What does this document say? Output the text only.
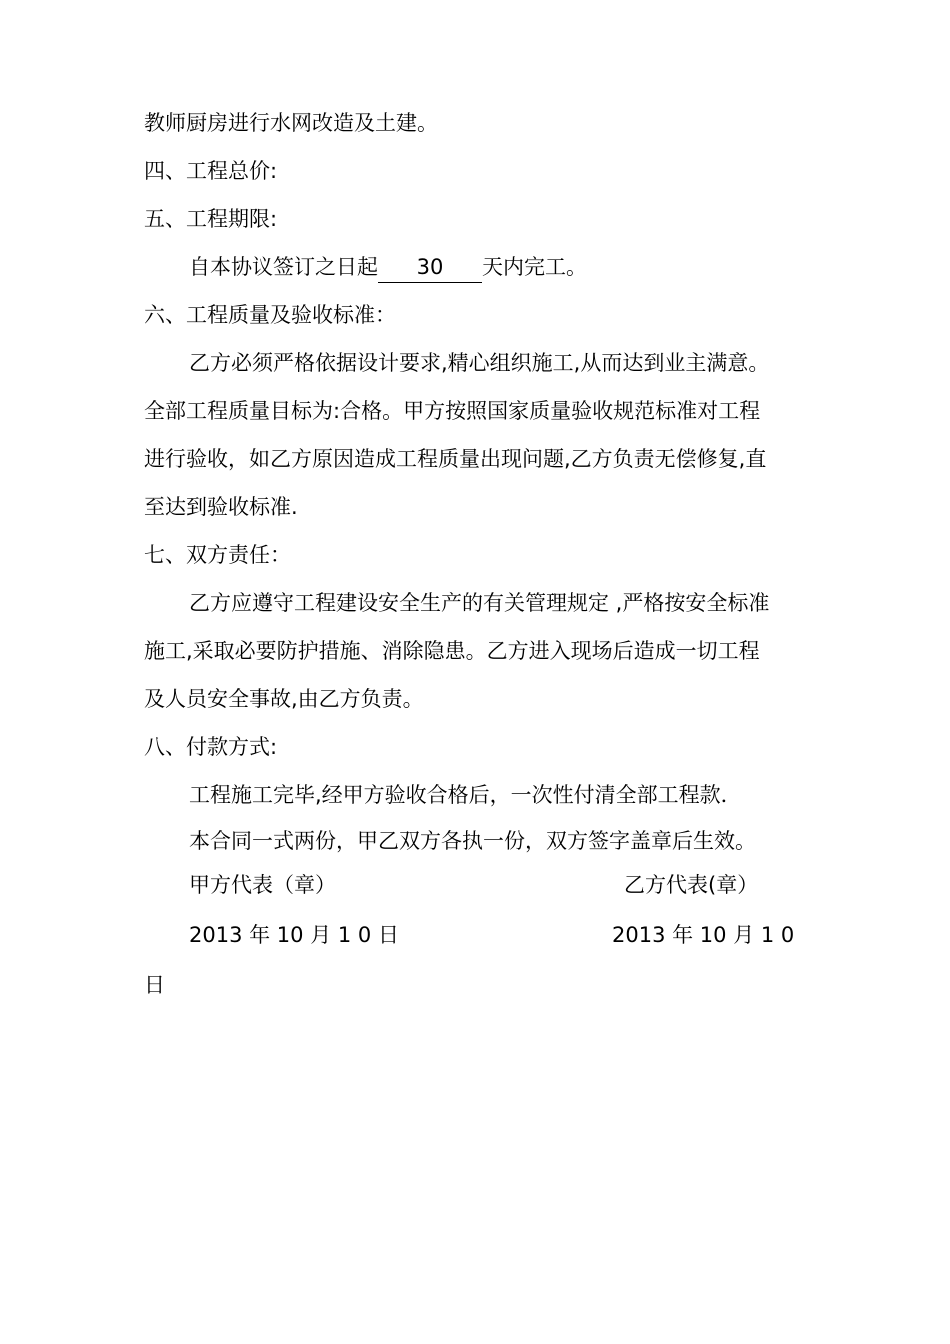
教师厨房进行水网改造及土建。
四、工程总价:
五、工程期限:
自本协议签订之日起 30 天内完工。
六、工程质量及验收标准：
乙方必须严格依据设计要求,精心组织施工,从而达到业主满意。
全部工程质量目标为:合格。甲方按照国家质量验收规范标准对工程
进行验收，如乙方原因造成工程质量出现问题,乙方负责无偿修复,直
至达到验收标准.
七、双方责任：
乙方应遵守工程建设安全生产的有关管理规定 ,严格按安全标准
施工,采取必要防护措施、消除隐患。乙方进入现场后造成一切工程
及人员安全事故,由乙方负责。
八、付款方式:
工程施工完毕,经甲方验收合格后，一次性付清全部工程款．
本合同一式两份，甲乙双方各执一份，双方签字盖章后生效。
甲方代表（章）	乙方代表(章）
2013 年 10 月 1 0 日	2013 年 10 月 1 0
日
